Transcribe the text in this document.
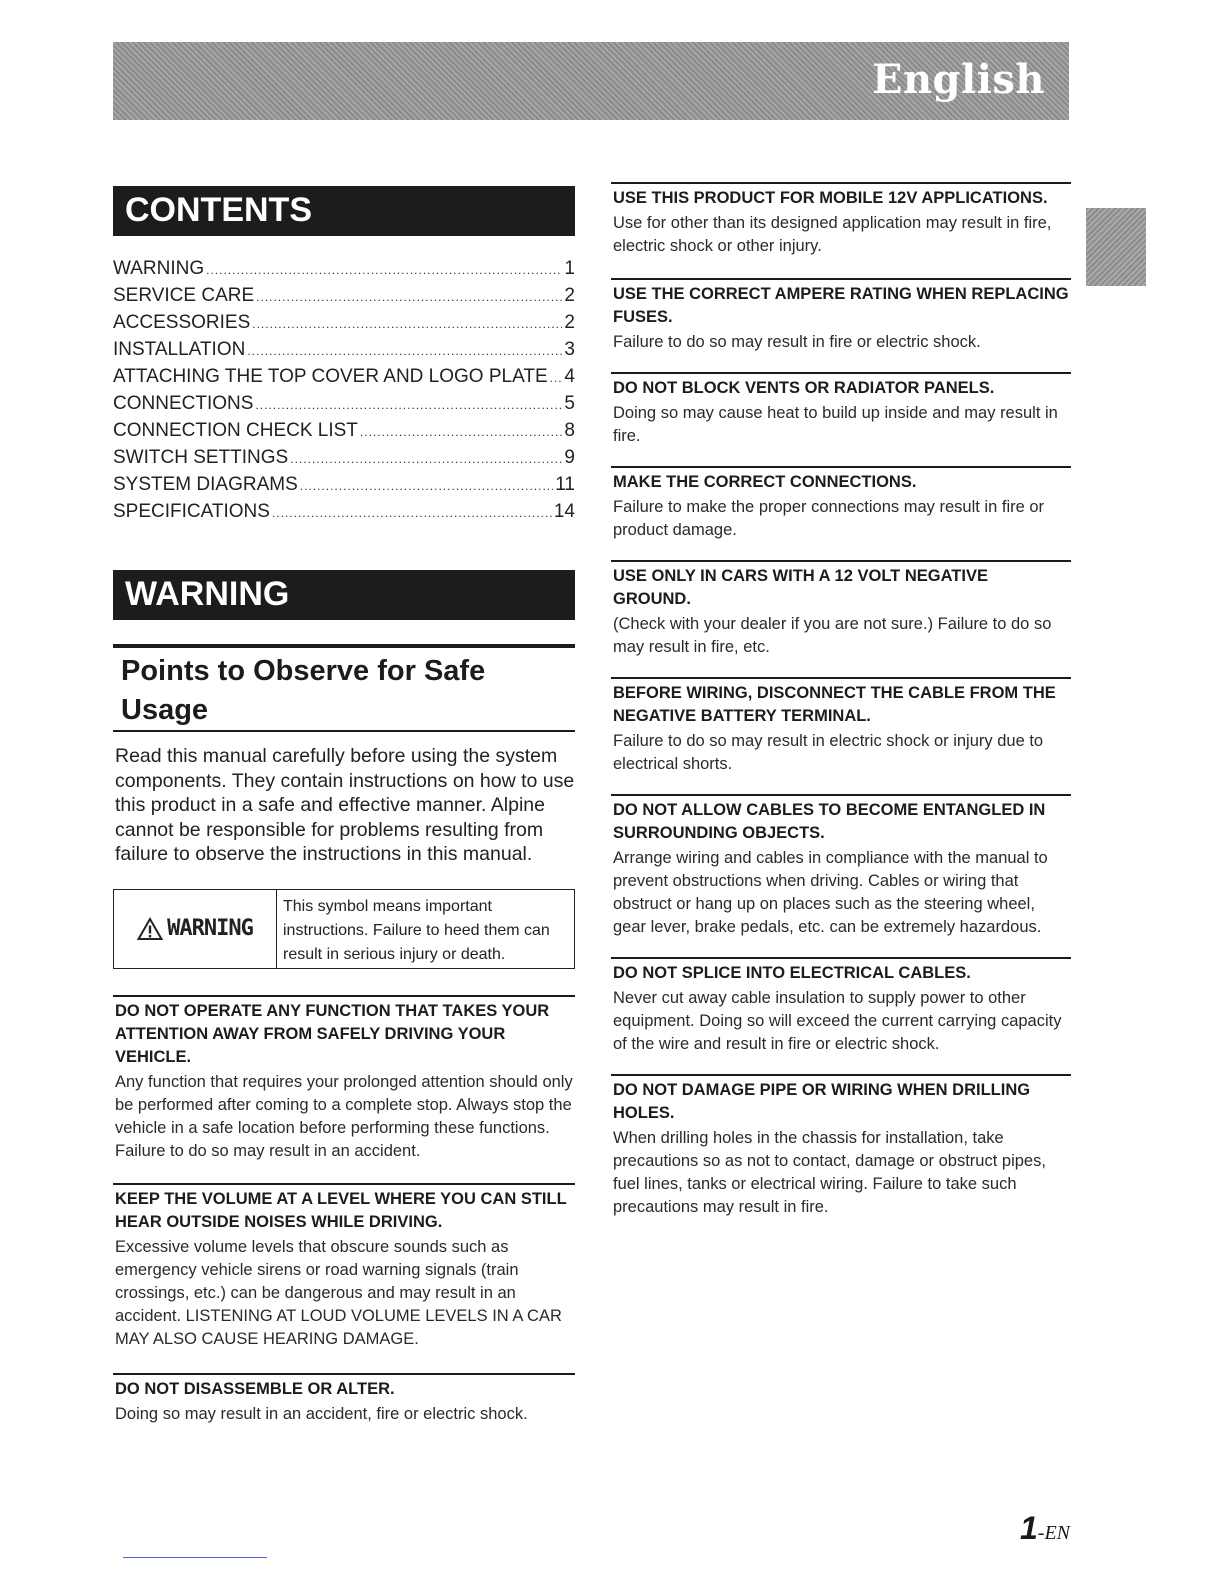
English
CONTENTS
WARNING .....	1
SERVICE CARE .....	2
ACCESSORIES .....	2
INSTALLATION .....	3
ATTACHING THE TOP COVER AND LOGO PLATE ..... 4
CONNECTIONS .....	5
CONNECTION CHECK LIST .....	8
SWITCH SETTINGS .....	9
SYSTEM DIAGRAMS .....	11
SPECIFICATIONS .....	14
WARNING
Points to Observe for Safe
Usage
Read this manual carefully before using the system components. They contain instructions on how to use this product in a safe and effective manner. Alpine cannot be responsible for problems resulting from failure to observe the instructions in this manual.
WARNING
This symbol means important instructions. Failure to heed them can result in serious injury or death.
DO NOT OPERATE ANY FUNCTION THAT TAKES YOUR ATTENTION AWAY FROM SAFELY DRIVING YOUR VEHICLE.

Any function that requires your prolonged attention should only be performed after coming to a complete stop. Always stop the vehicle in a safe location before performing these functions. Failure to do so may result in an accident.

KEEP THE VOLUME AT A LEVEL WHERE YOU CAN STILL HEAR OUTSIDE NOISES WHILE DRIVING.

Excessive volume levels that obscure sounds such as emergency vehicle sirens or road warning signals (train crossings, etc.) can be dangerous and may result in an accident. LISTENING AT LOUD VOLUME LEVELS IN A CAR MAY ALSO CAUSE HEARING DAMAGE.

DO NOT DISASSEMBLE OR ALTER.

Doing so may result in an accident, fire or electric shock.

USE THIS PRODUCT FOR MOBILE 12V APPLICATIONS.

Use for other than its designed application may result in fire, electric shock or other injury.

USE THE CORRECT AMPERE RATING WHEN REPLACING FUSES.

Failure to do so may result in fire or electric shock.

DO NOT BLOCK VENTS OR RADIATOR PANELS.

Doing so may cause heat to build up inside and may result in fire.

MAKE THE CORRECT CONNECTIONS.

Failure to make the proper connections may result in fire or product damage.

USE ONLY IN CARS WITH A 12 VOLT NEGATIVE GROUND.

(Check with your dealer if you are not sure.) Failure to do so may result in fire, etc.

BEFORE WIRING, DISCONNECT THE CABLE FROM THE NEGATIVE BATTERY TERMINAL.

Failure to do so may result in electric shock or injury due to electrical shorts.

DO NOT ALLOW CABLES TO BECOME ENTANGLED IN SURROUNDING OBJECTS.

Arrange wiring and cables in compliance with the manual to prevent obstructions when driving. Cables or wiring that obstruct or hang up on places such as the steering wheel, gear lever, brake pedals, etc. can be extremely hazardous.

DO NOT SPLICE INTO ELECTRICAL CABLES.

Never cut away cable insulation to supply power to other equipment. Doing so will exceed the current carrying capacity of the wire and result in fire or electric shock.

DO NOT DAMAGE PIPE OR WIRING WHEN DRILLING HOLES.

When drilling holes in the chassis for installation, take precautions so as not to contact, damage or obstruct pipes, fuel lines, tanks or electrical wiring. Failure to take such precautions may result in fire.

1-EN
